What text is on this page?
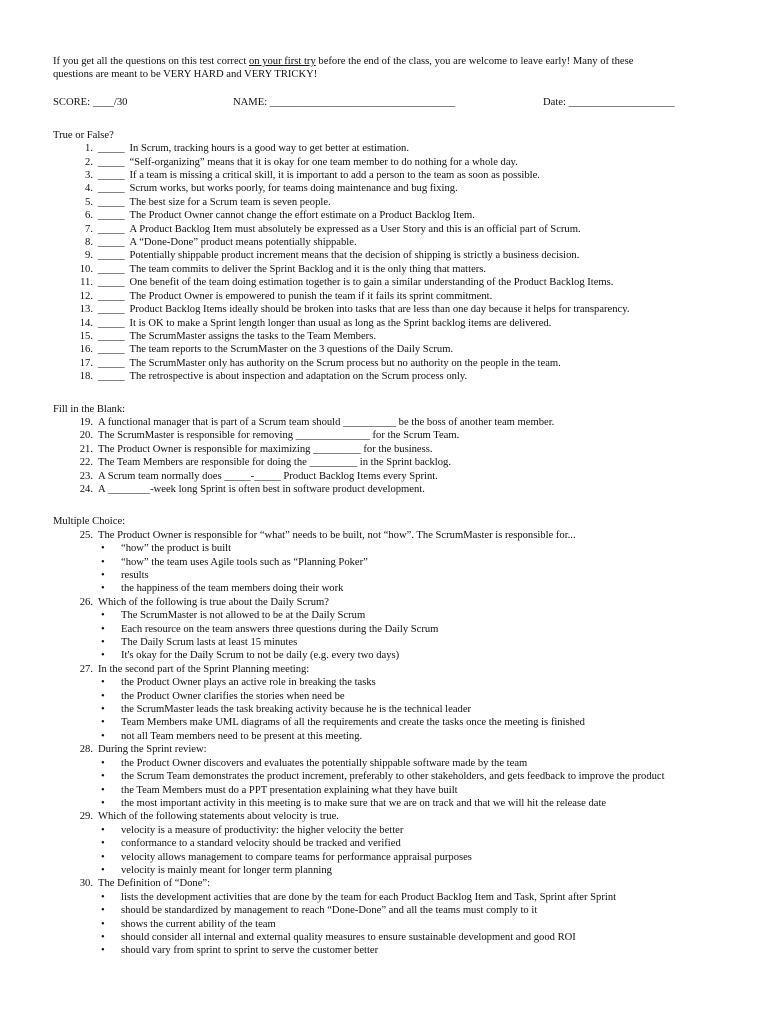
If you get all the questions on this test correct on your first try before the end of the class, you are welcome to leave early! Many of these
questions are meant to be VERY HARD and VERY TRICKY!
SCORE: ____/30	NAME: ___________________________________	Date: ____________________
True or False?
1. _____ In Scrum, tracking hours is a good way to get better at estimation.
2. _____ “Self-organizing” means that it is okay for one team member to do nothing for a whole day.
3. _____ If a team is missing a critical skill, it is important to add a person to the team as soon as possible.
4. _____ Scrum works, but works poorly, for teams doing maintenance and bug fixing.
5. _____ The best size for a Scrum team is seven people.
6. _____ The Product Owner cannot change the effort estimate on a Product Backlog Item.
7. _____ A Product Backlog Item must absolutely be expressed as a User Story and this is an official part of Scrum.
8. _____ A “Done-Done” product means potentially shippable.
9. _____ Potentially shippable product increment means that the decision of shipping is strictly a business decision.
10. _____ The team commits to deliver the Sprint Backlog and it is the only thing that matters.
11. _____ One benefit of the team doing estimation together is to gain a similar understanding of the Product Backlog Items.
12. _____ The Product Owner is empowered to punish the team if it fails its sprint commitment.
13. _____ Product Backlog Items ideally should be broken into tasks that are less than one day because it helps for transparency.
14. _____ It is OK to make a Sprint length longer than usual as long as the Sprint backlog items are delivered.
15. _____ The ScrumMaster assigns the tasks to the Team Members.
16. _____ The team reports to the ScrumMaster on the 3 questions of the Daily Scrum.
17. _____ The ScrumMaster only has authority on the Scrum process but no authority on the people in the team.
18. _____ The retrospective is about inspection and adaptation on the Scrum process only.
Fill in the Blank:
19. A functional manager that is part of a Scrum team should __________ be the boss of another team member.
20. The ScrumMaster is responsible for removing ______________ for the Scrum Team.
21. The Product Owner is responsible for maximizing _________ for the business.
22. The Team Members are responsible for doing the _________ in the Sprint backlog.
23. A Scrum team normally does _____-_____ Product Backlog Items every Sprint.
24. A ________-week long Sprint is often best in software product development.
Multiple Choice:
25. The Product Owner is responsible for “what” needs to be built, not “how”. The ScrumMaster is responsible for...
• “how” the product is built
• “how” the team uses Agile tools such as “Planning Poker”
• results
• the happiness of the team members doing their work
26. Which of the following is true about the Daily Scrum?
• The ScrumMaster is not allowed to be at the Daily Scrum
• Each resource on the team answers three questions during the Daily Scrum
• The Daily Scrum lasts at least 15 minutes
• It's okay for the Daily Scrum to not be daily (e.g. every two days)
27. In the second part of the Sprint Planning meeting:
• the Product Owner plays an active role in breaking the tasks
• the Product Owner clarifies the stories when need be
• the ScrumMaster leads the task breaking activity because he is the technical leader
• Team Members make UML diagrams of all the requirements and create the tasks once the meeting is finished
• not all Team members need to be present at this meeting.
28. During the Sprint review:
• the Product Owner discovers and evaluates the potentially shippable software made by the team
• the Scrum Team demonstrates the product increment, preferably to other stakeholders, and gets feedback to improve the product
• the Team Members must do a PPT presentation explaining what they have built
• the most important activity in this meeting is to make sure that we are on track and that we will hit the release date
29. Which of the following statements about velocity is true.
• velocity is a measure of productivity: the higher velocity the better
• conformance to a standard velocity should be tracked and verified
• velocity allows management to compare teams for performance appraisal purposes
• velocity is mainly meant for longer term planning
30. The Definition of “Done”:
• lists the development activities that are done by the team for each Product Backlog Item and Task, Sprint after Sprint
• should be standardized by management to reach “Done-Done” and all the teams must comply to it
• shows the current ability of the team
• should consider all internal and external quality measures to ensure sustainable development and good ROI
• should vary from sprint to sprint to serve the customer better
